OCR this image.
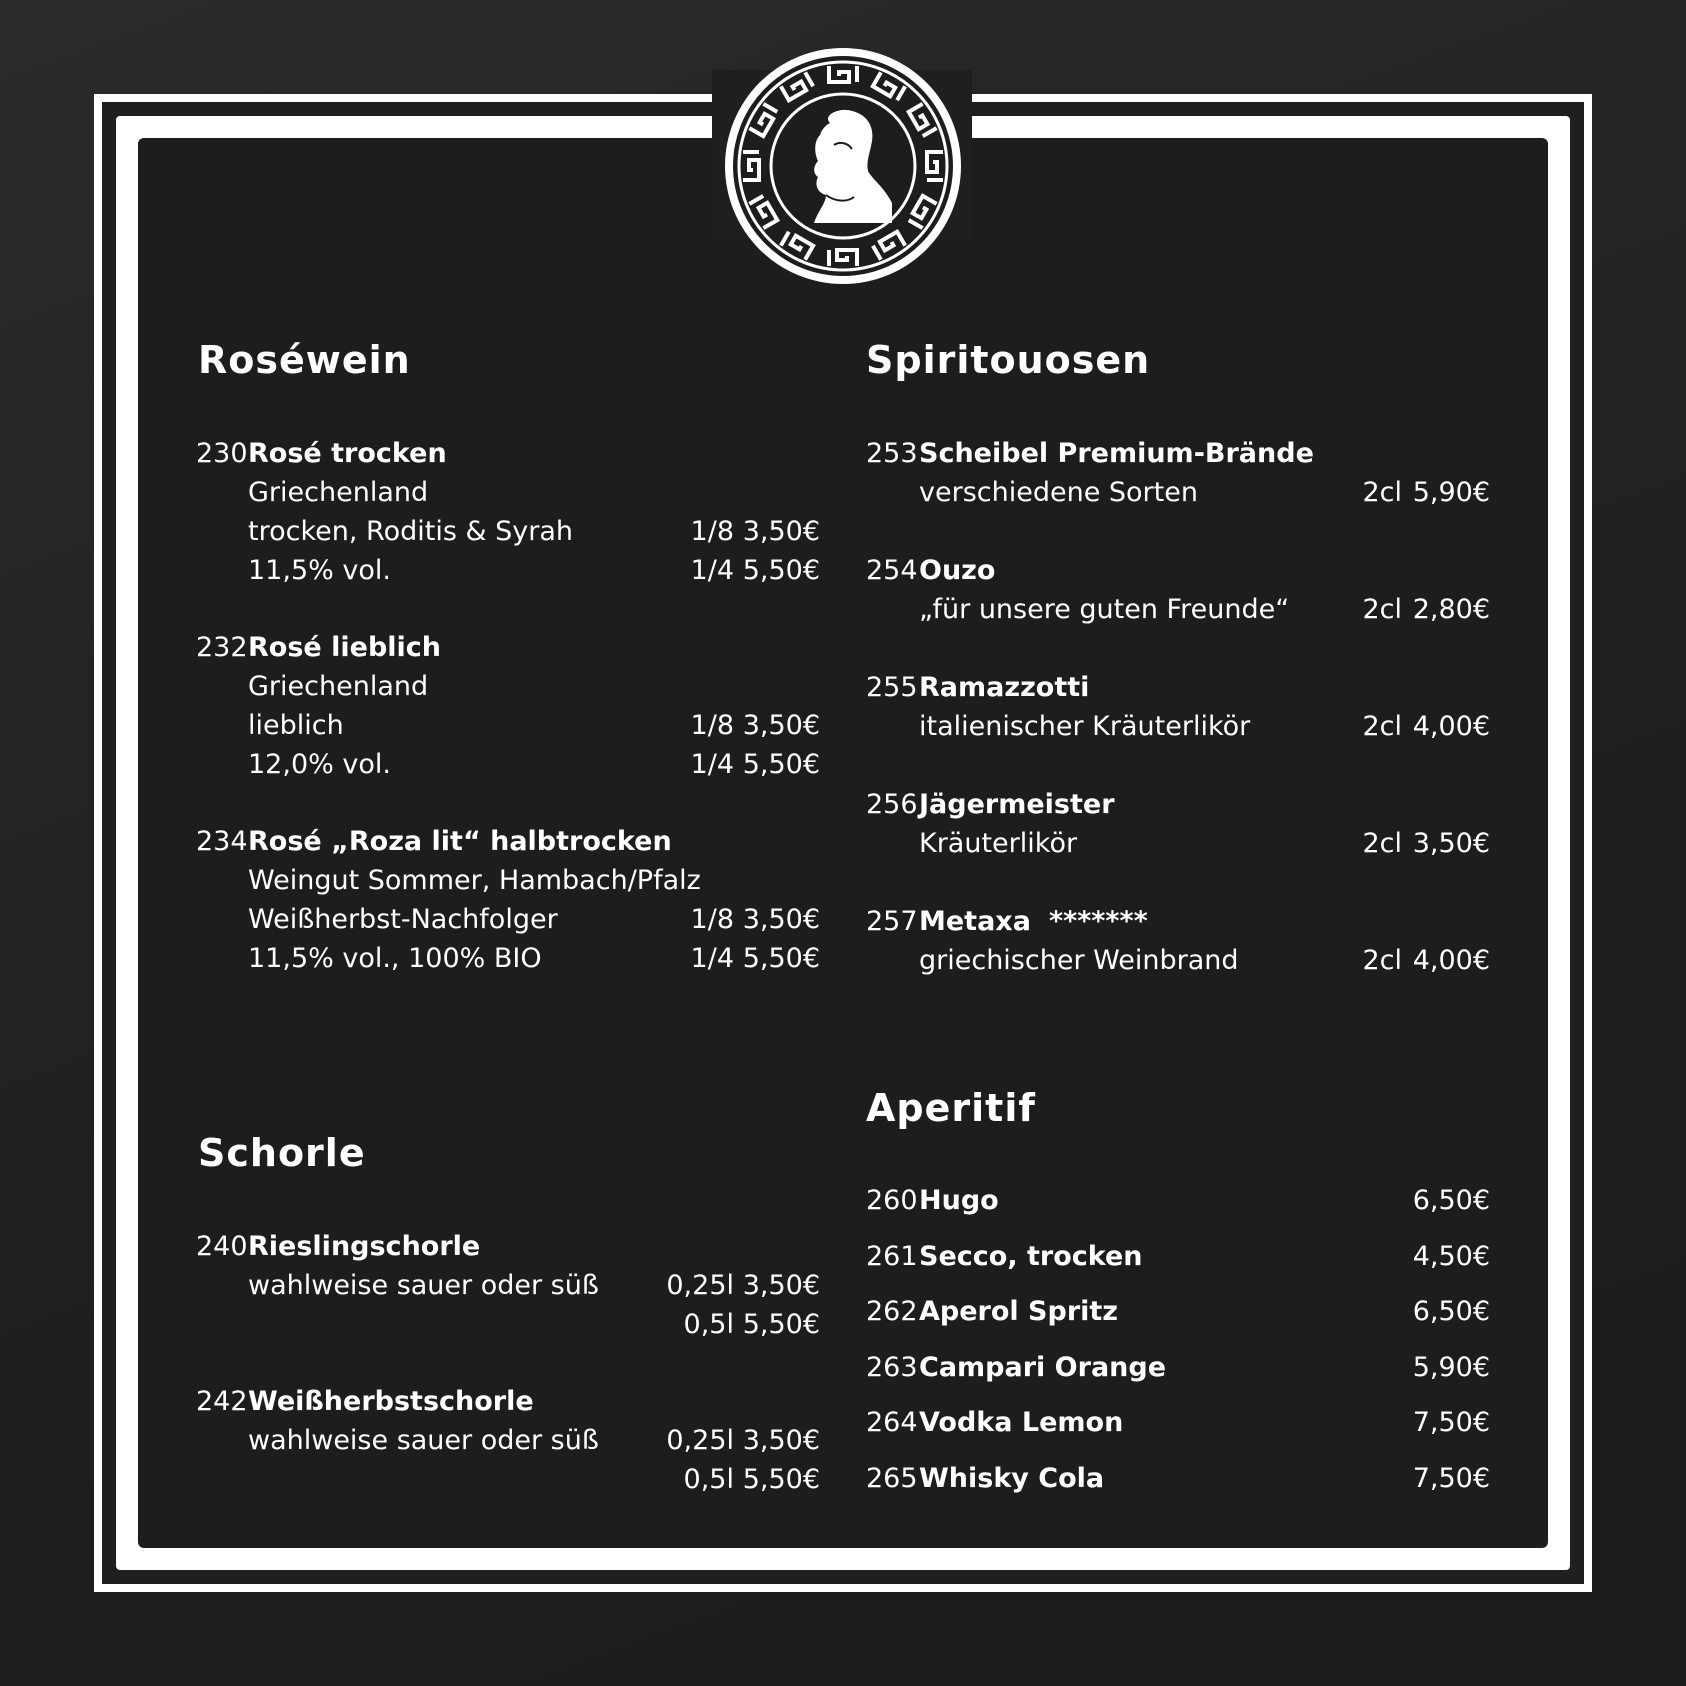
Roséwein
230 Rosé trocken
Griechenland
trocken, Roditis & Syrah	1/8 3,50€
11,5% vol.	1/4 5,50€
232 Rosé lieblich
Griechenland
lieblich	1/8 3,50€
12,0% vol.	1/4 5,50€
234 Rosé „Roza lit“ halbtrocken
Weingut Sommer, Hambach/Pfalz
Weißherbst-Nachfolger	1/8 3,50€
11,5% vol., 100% BIO	1/4 5,50€
Schorle
240 Rieslingschorle
wahlweise sauer oder süß	0,25l 3,50€
0,5l 5,50€
242 Weißherbstschorle
wahlweise sauer oder süß	0,25l 3,50€
0,5l 5,50€
Spiritouosen
253 Scheibel Premium-Brände
verschiedene Sorten	2cl 5,90€
254 Ouzo
„für unsere guten Freunde“	2cl 2,80€
255 Ramazzotti
italienischer Kräuterlikör	2cl 4,00€
256 Jägermeister
Kräuterlikör	2cl 3,50€
257 Metaxa *******
griechischer Weinbrand	2cl 4,00€
Aperitif
260 Hugo	6,50€
261 Secco, trocken	4,50€
262 Aperol Spritz	6,50€
263 Campari Orange	5,90€
264 Vodka Lemon	7,50€
265 Whisky Cola	7,50€
